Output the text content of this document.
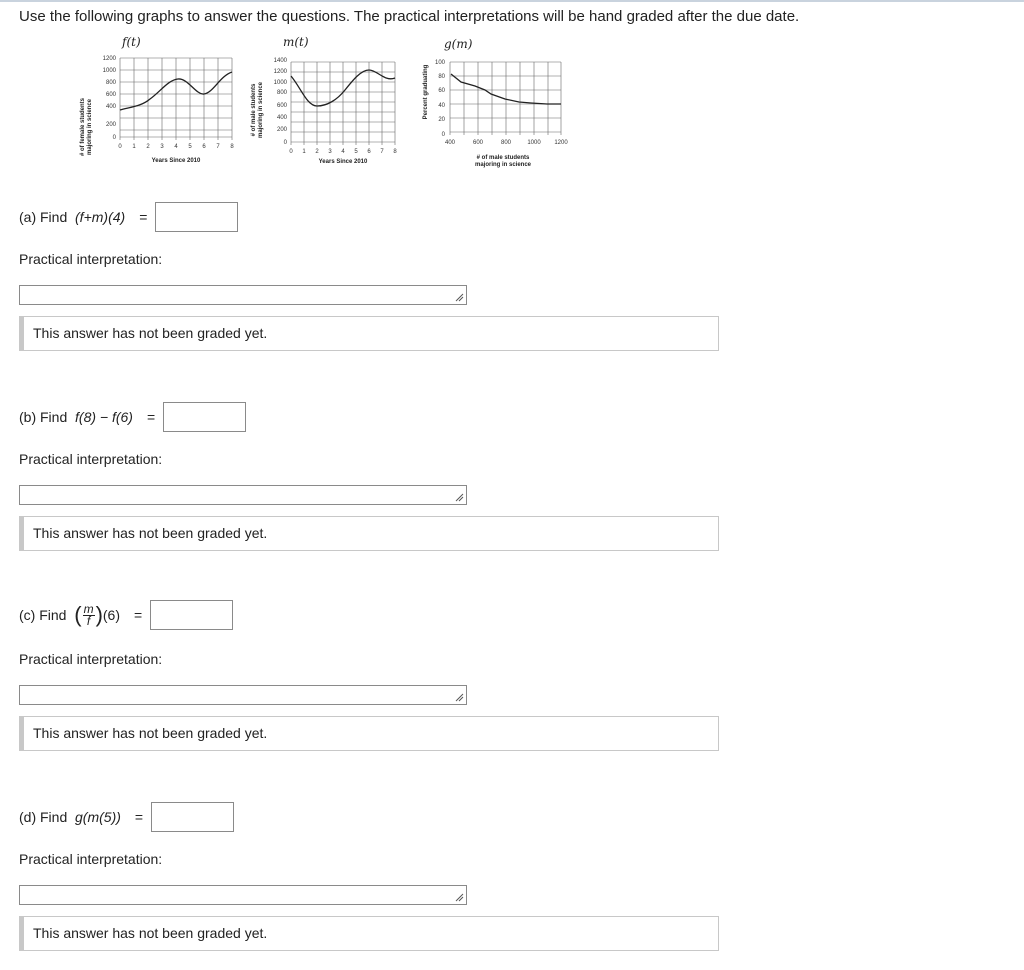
Use the following graphs to answer the questions. The practical interpretations will be hand graded after the due date.
f(t)
# of female students majoring in science
1200
1000
800
600
400
200
0
0 1 2 3 4 5 6 7 8
Years Since 2010
m(t)
# of male students majoring in science
1400
1200
1000
800
600
400
200
0
0 1 2 3 4 5 6 7 8
Years Since 2010
g(m)
Percent graduating
100
80
60
40
20
0
400	600	800	1000 1200
# of male students
majoring in science
(a) Find (f+m)(4) =
Practical interpretation:
This answer has not been graded yet.
(b) Find f(8) − f(6) =
Practical interpretation:
This answer has not been graded yet.
(c) Find ( $\frac{m}{f}$ ) (6) =
Practical interpretation:
This answer has not been graded yet.
(d) Find g(m(5)) =
Practical interpretation:
This answer has not been graded yet.
